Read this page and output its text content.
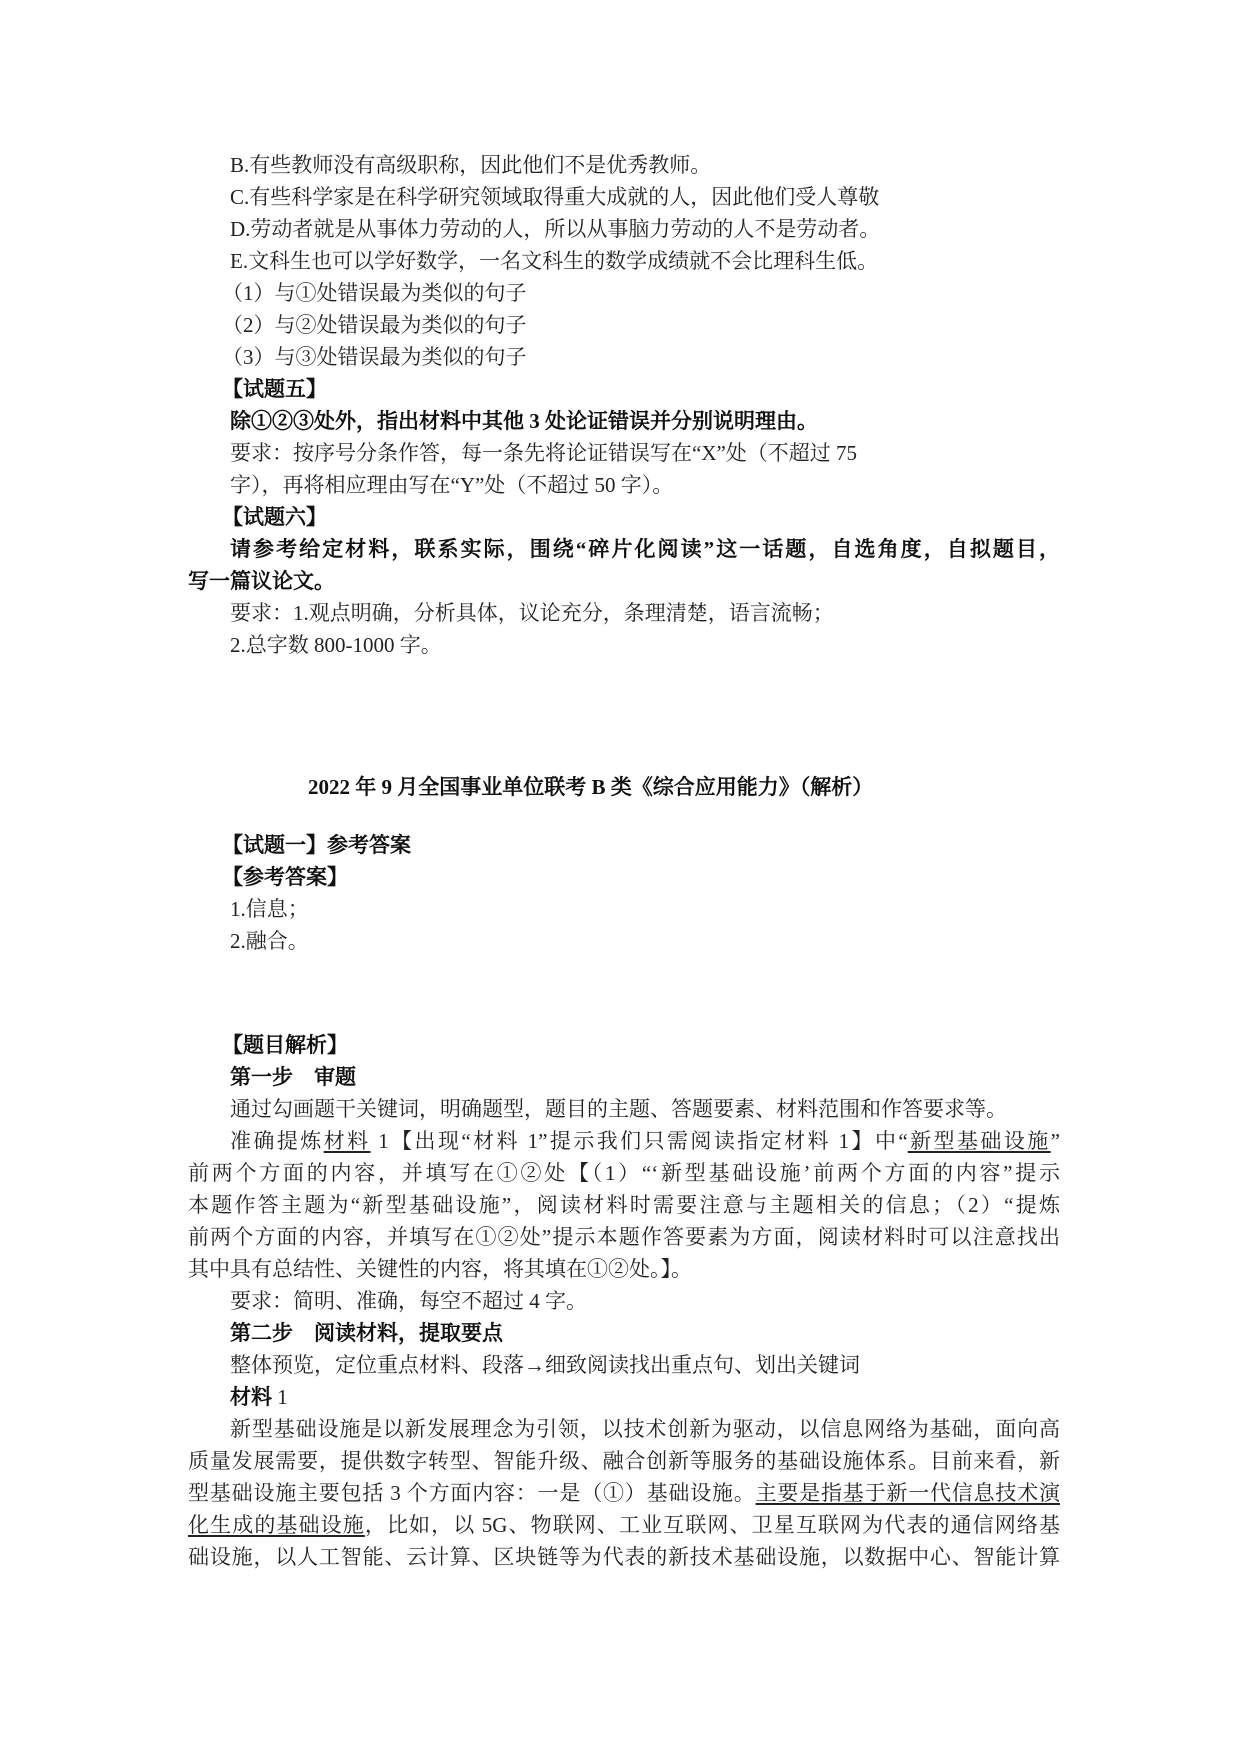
B.有些教师没有高级职称，因此他们不是优秀教师。
C.有些科学家是在科学研究领域取得重大成就的人，因此他们受人尊敬
D.劳动者就是从事体力劳动的人，所以从事脑力劳动的人不是劳动者。
E.文科生也可以学好数学，一名文科生的数学成绩就不会比理科生低。
（1）与①处错误最为类似的句子
（2）与②处错误最为类似的句子
（3）与③处错误最为类似的句子
【试题五】
除①②③处外，指出材料中其他 3 处论证错误并分别说明理由。
要求：按序号分条作答，每一条先将论证错误写在“X”处（不超过 75
字），再将相应理由写在“Y”处（不超过 50 字）。
【试题六】
请参考给定材料，联系实际，围绕“碎片化阅读”这一话题，自选角度，自拟题目，
写一篇议论文。
要求：1.观点明确，分析具体，议论充分，条理清楚，语言流畅；
2.总字数 800-1000 字。
2022 年 9 月全国事业单位联考 B 类《综合应用能力》（解析）
【试题一】参考答案
【参考答案】
1.信息；
2.融合。
【题目解析】
第一步　审题
通过勾画题干关键词，明确题型，题目的主题、答题要素、材料范围和作答要求等。
准确提炼材料 1【出现“材料 1”提示我们只需阅读指定材料 1】中“新型基础设施”
前两个方面的内容，并填写在①②处【（1）“‘新型基础设施’前两个方面的内容”提示
本题作答主题为“新型基础设施”，阅读材料时需要注意与主题相关的信息；（2）“提炼
前两个方面的内容，并填写在①②处”提示本题作答要素为方面，阅读材料时可以注意找出
其中具有总结性、关键性的内容，将其填在①②处。】。
要求：简明、准确，每空不超过 4 字。
第二步　阅读材料，提取要点
整体预览，定位重点材料、段落→细致阅读找出重点句、划出关键词
材料 1
新型基础设施是以新发展理念为引领，以技术创新为驱动，以信息网络为基础，面向高
质量发展需要，提供数字转型、智能升级、融合创新等服务的基础设施体系。目前来看，新
型基础设施主要包括 3 个方面内容：一是（①）基础设施。主要是指基于新一代信息技术演
化生成的基础设施，比如，以 5G、物联网、工业互联网、卫星互联网为代表的通信网络基
础设施，以人工智能、云计算、区块链等为代表的新技术基础设施，以数据中心、智能计算
